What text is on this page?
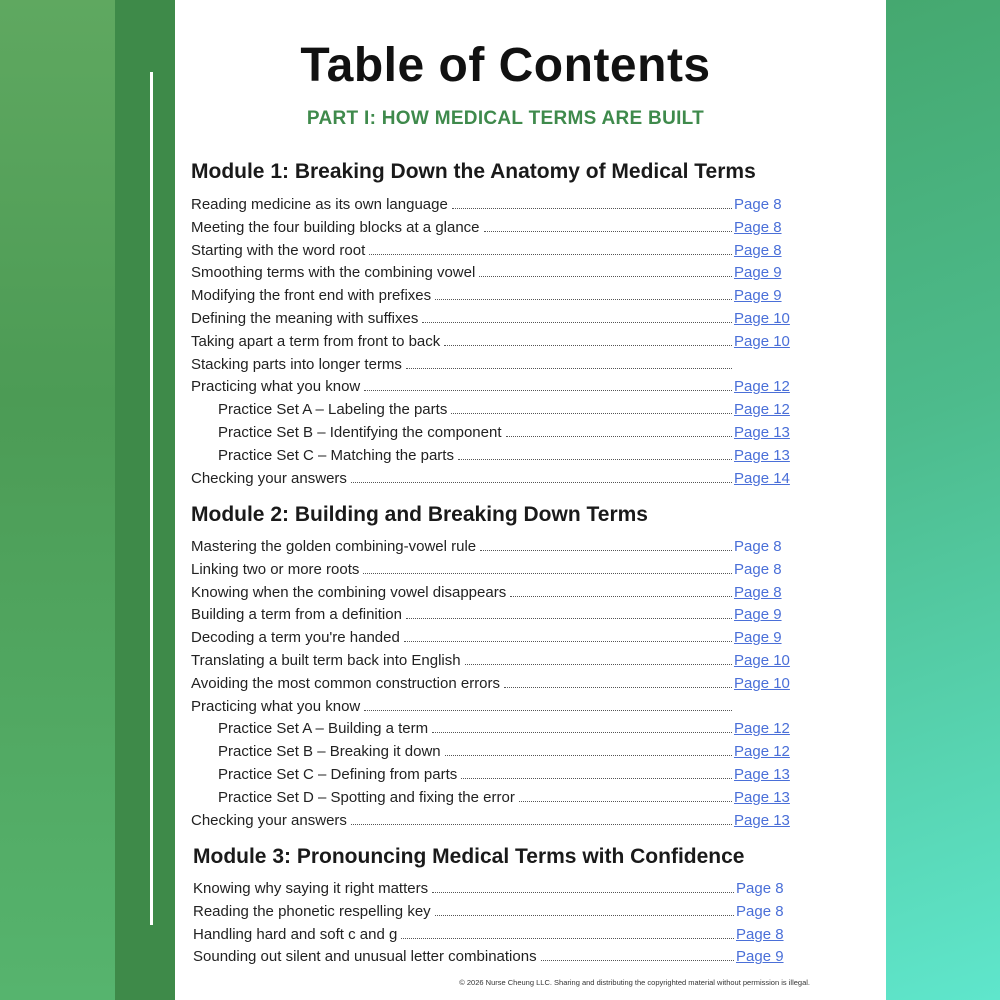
Table of Contents
PART I: HOW MEDICAL TERMS ARE BUILT
Module 1: Breaking Down the Anatomy of Medical Terms
Reading medicine as its own language	Page 8
Meeting the four building blocks at a glance	Page 8
Starting with the word root	Page 8
Smoothing terms with the combining vowel	Page 9
Modifying the front end with prefixes	Page 9
Defining the meaning with suffixes	Page 10
Taking apart a term from front to back	Page 10
Stacking parts into longer terms
Practicing what you know	Page 12
Practice Set A – Labeling the parts	Page 12
Practice Set B – Identifying the component	Page 13
Practice Set C – Matching the parts	Page 13
Checking your answers	Page 14
Module 2: Building and Breaking Down Terms
Mastering the golden combining-vowel rule	Page 8
Linking two or more roots	Page 8
Knowing when the combining vowel disappears	Page 8
Building a term from a definition	Page 9
Decoding a term you're handed	Page 9
Translating a built term back into English	Page 10
Avoiding the most common construction errors	Page 10
Practicing what you know
Practice Set A – Building a term	Page 12
Practice Set B – Breaking it down	Page 12
Practice Set C – Defining from parts	Page 13
Practice Set D – Spotting and fixing the error	Page 13
Checking your answers	Page 13
Module 3: Pronouncing Medical Terms with Confidence
Knowing why saying it right matters	Page 8
Reading the phonetic respelling key	Page 8
Handling hard and soft c and g	Page 8
Sounding out silent and unusual letter combinations	Page 9
© 2026 Nurse Cheung LLC. Sharing and distributing the copyrighted material without permission is illegal.
